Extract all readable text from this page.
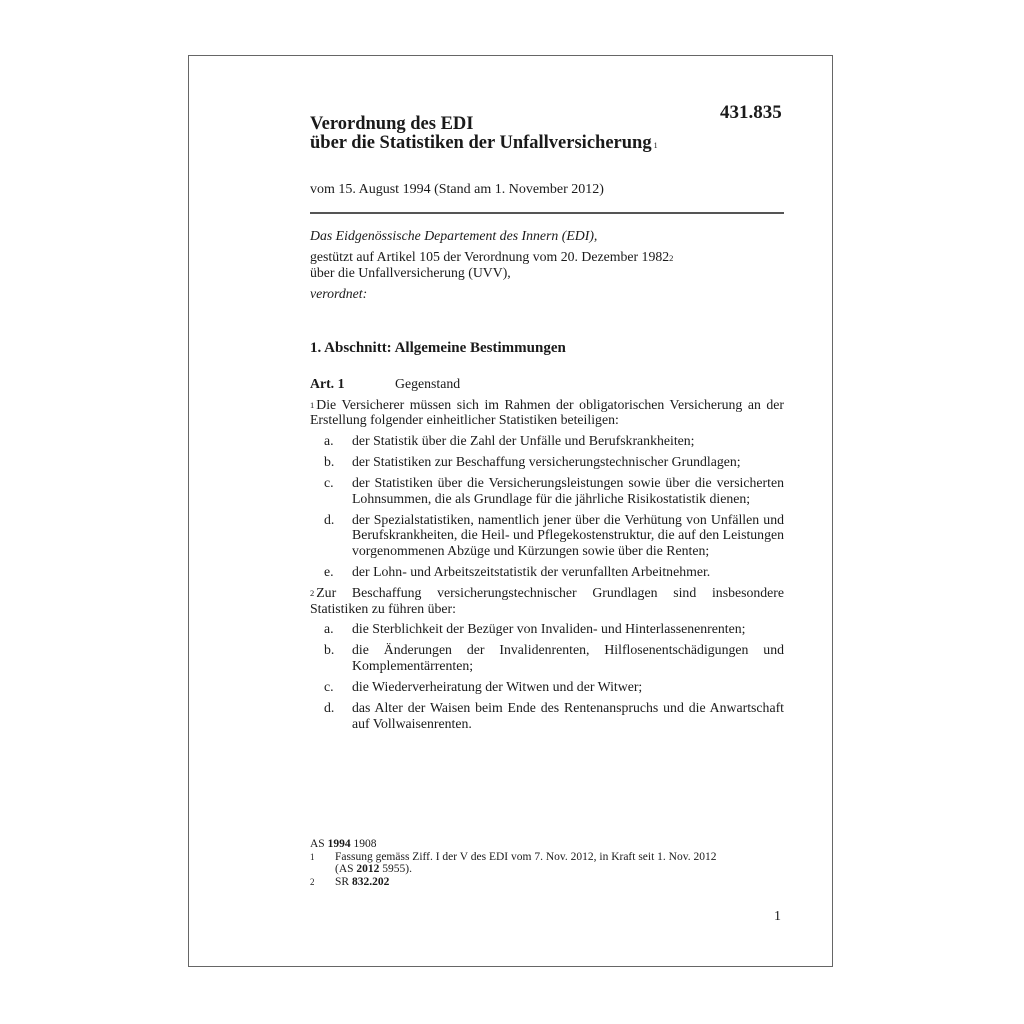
431.835
Verordnung des EDI
über die Statistiken der Unfallversicherung $^1$
vom 15. August 1994 (Stand am 1. November 2012)
Das Eidgenössische Departement des Innern (EDI),
gestützt auf Artikel 105 der Verordnung vom 20. Dezember 1982$^2$
über die Unfallversicherung (UVV),
verordnet:
1. Abschnitt: Allgemeine Bestimmungen
Art. 1	Gegenstand
$^1$ Die Versicherer müssen sich im Rahmen der obligatorischen Versicherung an der Erstellung folgender einheitlicher Statistiken beteiligen:
a.	der Statistik über die Zahl der Unfälle und Berufskrankheiten;
b.	der Statistiken zur Beschaffung versicherungstechnischer Grundlagen;
c.	der Statistiken über die Versicherungsleistungen sowie über die versicherten Lohnsummen, die als Grundlage für die jährliche Risikostatistik dienen;
d.	der Spezialstatistiken, namentlich jener über die Verhütung von Unfällen und Berufskrankheiten, die Heil- und Pflegekostenstruktur, die auf den Leistungen vorgenommenen Abzüge und Kürzungen sowie über die Renten;
e.	der Lohn- und Arbeitszeitstatistik der verunfallten Arbeitnehmer.
$^2$ Zur Beschaffung versicherungstechnischer Grundlagen sind insbesondere Statistiken zu führen über:
a.	die Sterblichkeit der Bezüger von Invaliden- und Hinterlassenenrenten;
b.	die Änderungen der Invalidenrenten, Hilflosenentschädigungen und Komplementärrenten;
c.	die Wiederverheiratung der Witwen und der Witwer;
d.	das Alter der Waisen beim Ende des Rentenanspruchs und die Anwartschaft auf Vollwaisenrenten.
AS 1994 1908
1	Fassung gemäss Ziff. I der V des EDI vom 7. Nov. 2012, in Kraft seit 1. Nov. 2012
(AS 2012 5955).
2	SR 832.202
1
